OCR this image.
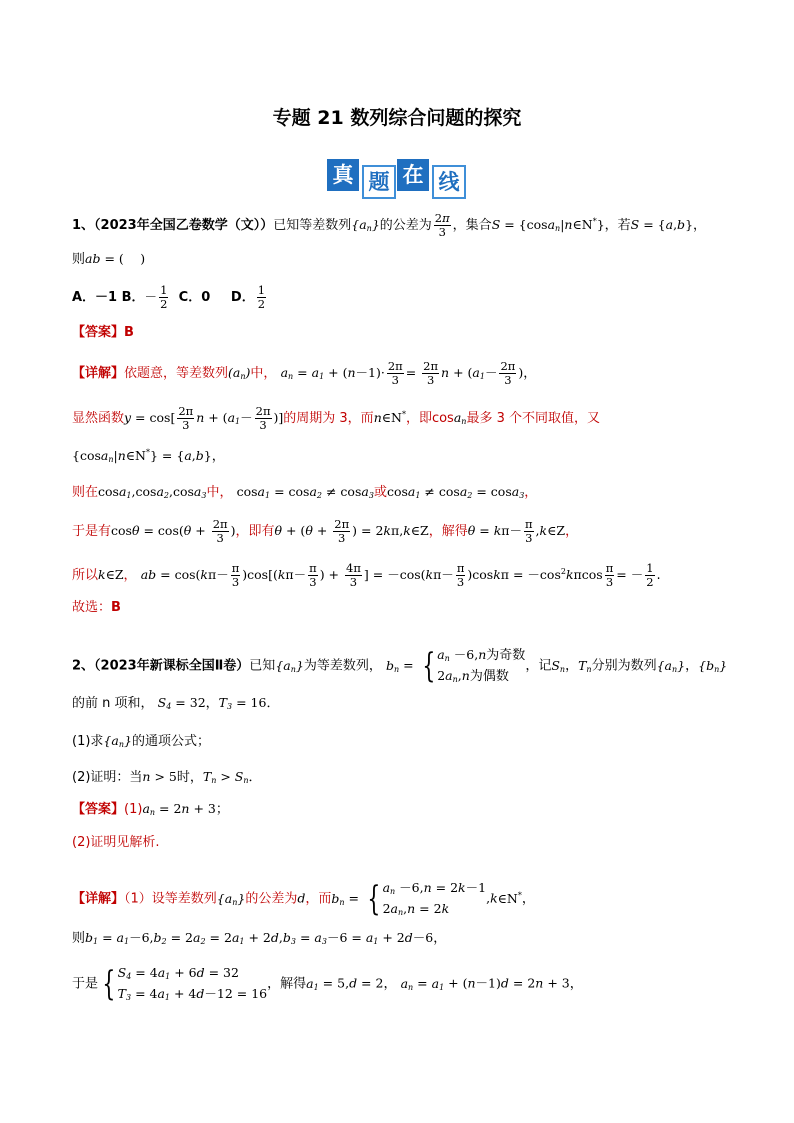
专题 21 数列综合问题的探究
真 题 在 线
1、（2023年全国乙卷数学（文））已知等差数列$\{a_n\}$的公差为 $\frac{2\pi}{3}$ ，集合S = {cosa$_n$|n∈N*}，若S = {a,b}，
则ab = (　 )
A．－1 B．－ $\frac{1}{2}$ C．0 D． $\frac{1}{2}$
【答案】B
【详解】依题意，等差数列$(a_n)$中， $a_n = a_1 + (n-1)\cdot \frac{2\pi}{3} = \frac{2\pi}{3}$ $n + (a_1- \frac{2\pi}{3}$ )，
显然函数$y = \cos[ \frac{2\pi}{3}$ $n + (a_1- \frac{2\pi}{3}$ )]的周期为 3，而n∈N*，即cosa$_n$最多 3 个不同取值，又
{cosa$_n$|n∈N*} = {a,b}，
则在cosa$_1$,cosa$_2$,cosa$_3$中， cosa$_1$ = cosa$_2$ ≠ cosa$_3$或cosa$_1$ ≠ cosa$_2$ = cosa$_3$，
于是有$\cos\theta = \cos(\theta + \frac{2\pi}{3}$ )，即有$\theta + (\theta + \frac{2\pi}{3}$ ) = 2kπ,k∈Z，解得$\theta = k\pi- \frac{\pi}{3}$ ,k∈Z，
所以k∈Z， ab = $\cos(k\pi- \frac{\pi}{3} )\cos[(k\pi- \frac{\pi}{3}$ ) + $\frac{4\pi}{3}$ ] = $-\cos(k\pi- \frac{\pi}{3} )\cos k\pi = -\cos^2k\pi\cos \frac{\pi}{3}$ = － $\frac{1}{2}$ .
故选：B
2、（2023年新课标全国Ⅱ卷）已知$\{a_n\}$为等差数列， $b_n$ = { $a_n -6,n$为奇数
$2a_n,n$为偶数
，记$S_n$，$T_n$分别为数列$\{a_n\}$，$\{b_n\}$
的前 n 项和， $S_4 = 32$，$T_3 = 16$．
(1)求$\{a_n\}$的通项公式；
(2)证明：当n > 5时，$T_n > S_n$．
【答案】$(1)a_n = 2n + 3$；
(2)证明见解析.
【详解】（1）设等差数列$\{a_n\}$的公差为d，而$b_n$ = { $a_n -6,n = 2k-1$
$2a_n,n = 2k$
,k∈N*，
则$b_1 = a_1-6,b_2 = 2a_2 = 2a_1 + 2d,b_3 = a_3-6 = a_1 + 2d-6$，
于是 { $S_4 = 4a_1 + 6d = 32$
$T_3 = 4a_1 + 4d-12 = 16$
，解得$a_1 = 5,d = 2$， $a_n = a_1 + (n-1)d = 2n + 3$，
